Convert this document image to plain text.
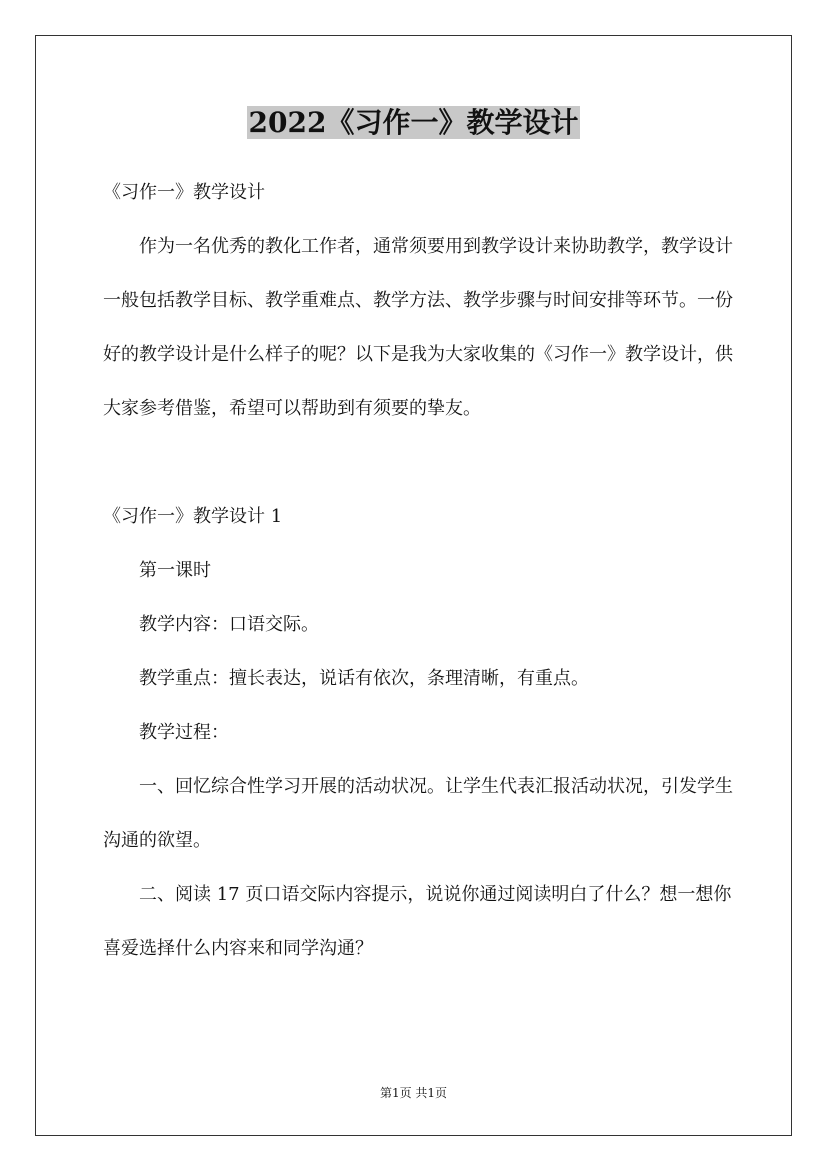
2022《习作一》教学设计

《习作一》教学设计

作为一名优秀的教化工作者，通常须要用到教学设计来协助教学，教学设计一般包括教学目标、教学重难点、教学方法、教学步骤与时间安排等环节。一份好的教学设计是什么样子的呢？以下是我为大家收集的《习作一》教学设计，供大家参考借鉴，希望可以帮助到有须要的挚友。

《习作一》教学设计 1

第一课时

教学内容：口语交际。

教学重点：擅长表达，说话有依次，条理清晰，有重点。

教学过程：

一、回忆综合性学习开展的活动状况。让学生代表汇报活动状况，引发学生沟通的欲望。

二、阅读 17 页口语交际内容提示，说说你通过阅读明白了什么？想一想你喜爱选择什么内容来和同学沟通？

第1页 共1页
